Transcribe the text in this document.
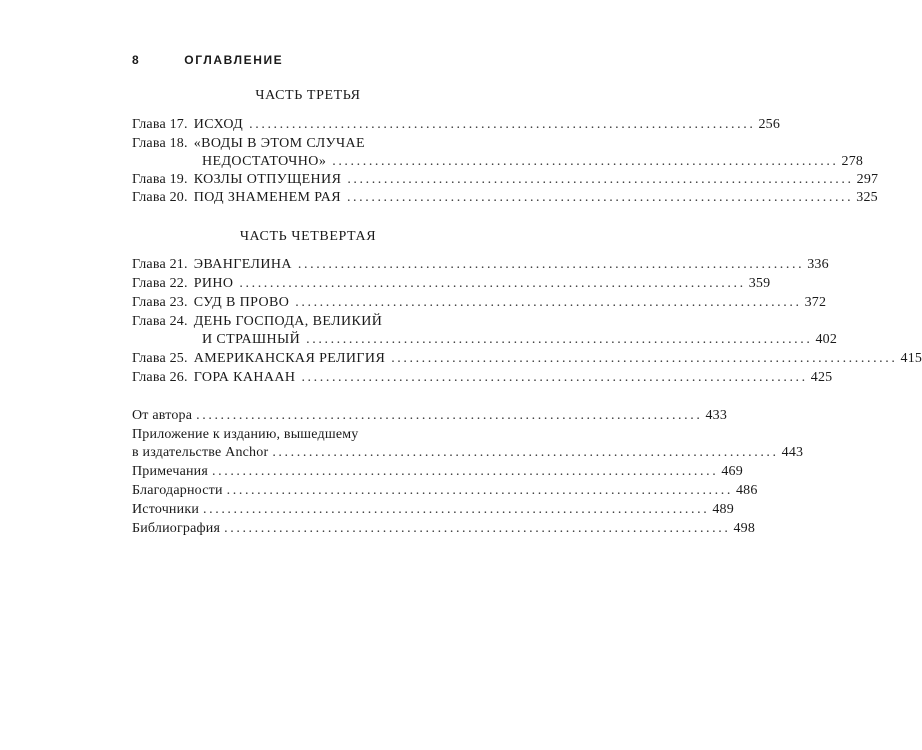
8	ОГЛАВЛЕНИЕ
ЧАСТЬ ТРЕТЬЯ
Глава 17. ИСХОД ................................................................................... 256
Глава 18. «ВОДЫ В ЭТОМ СЛУЧАЕ
НЕДОСТАТОЧНО» ................................................................................... 278
Глава 19. КОЗЛЫ ОТПУЩЕНИЯ ................................................................................... 297
Глава 20. ПОД ЗНАМЕНЕМ РАЯ ................................................................................... 325
ЧАСТЬ ЧЕТВЕРТАЯ
Глава 21. ЭВАНГЕЛИНА ................................................................................... 336
Глава 22. РИНО ................................................................................... 359
Глава 23. СУД В ПРОВО ................................................................................... 372
Глава 24. ДЕНЬ ГОСПОДА, ВЕЛИКИЙ
И СТРАШНЫЙ ................................................................................... 402
Глава 25. АМЕРИКАНСКАЯ РЕЛИГИЯ ................................................................................... 415
Глава 26. ГОРА КАНААН ................................................................................... 425
От автора ................................................................................... 433
Приложение к изданию, вышедшему
в издательстве Anchor ................................................................................... 443
Примечания ................................................................................... 469
Благодарности ................................................................................... 486
Источники ................................................................................... 489
Библиография ................................................................................... 498
